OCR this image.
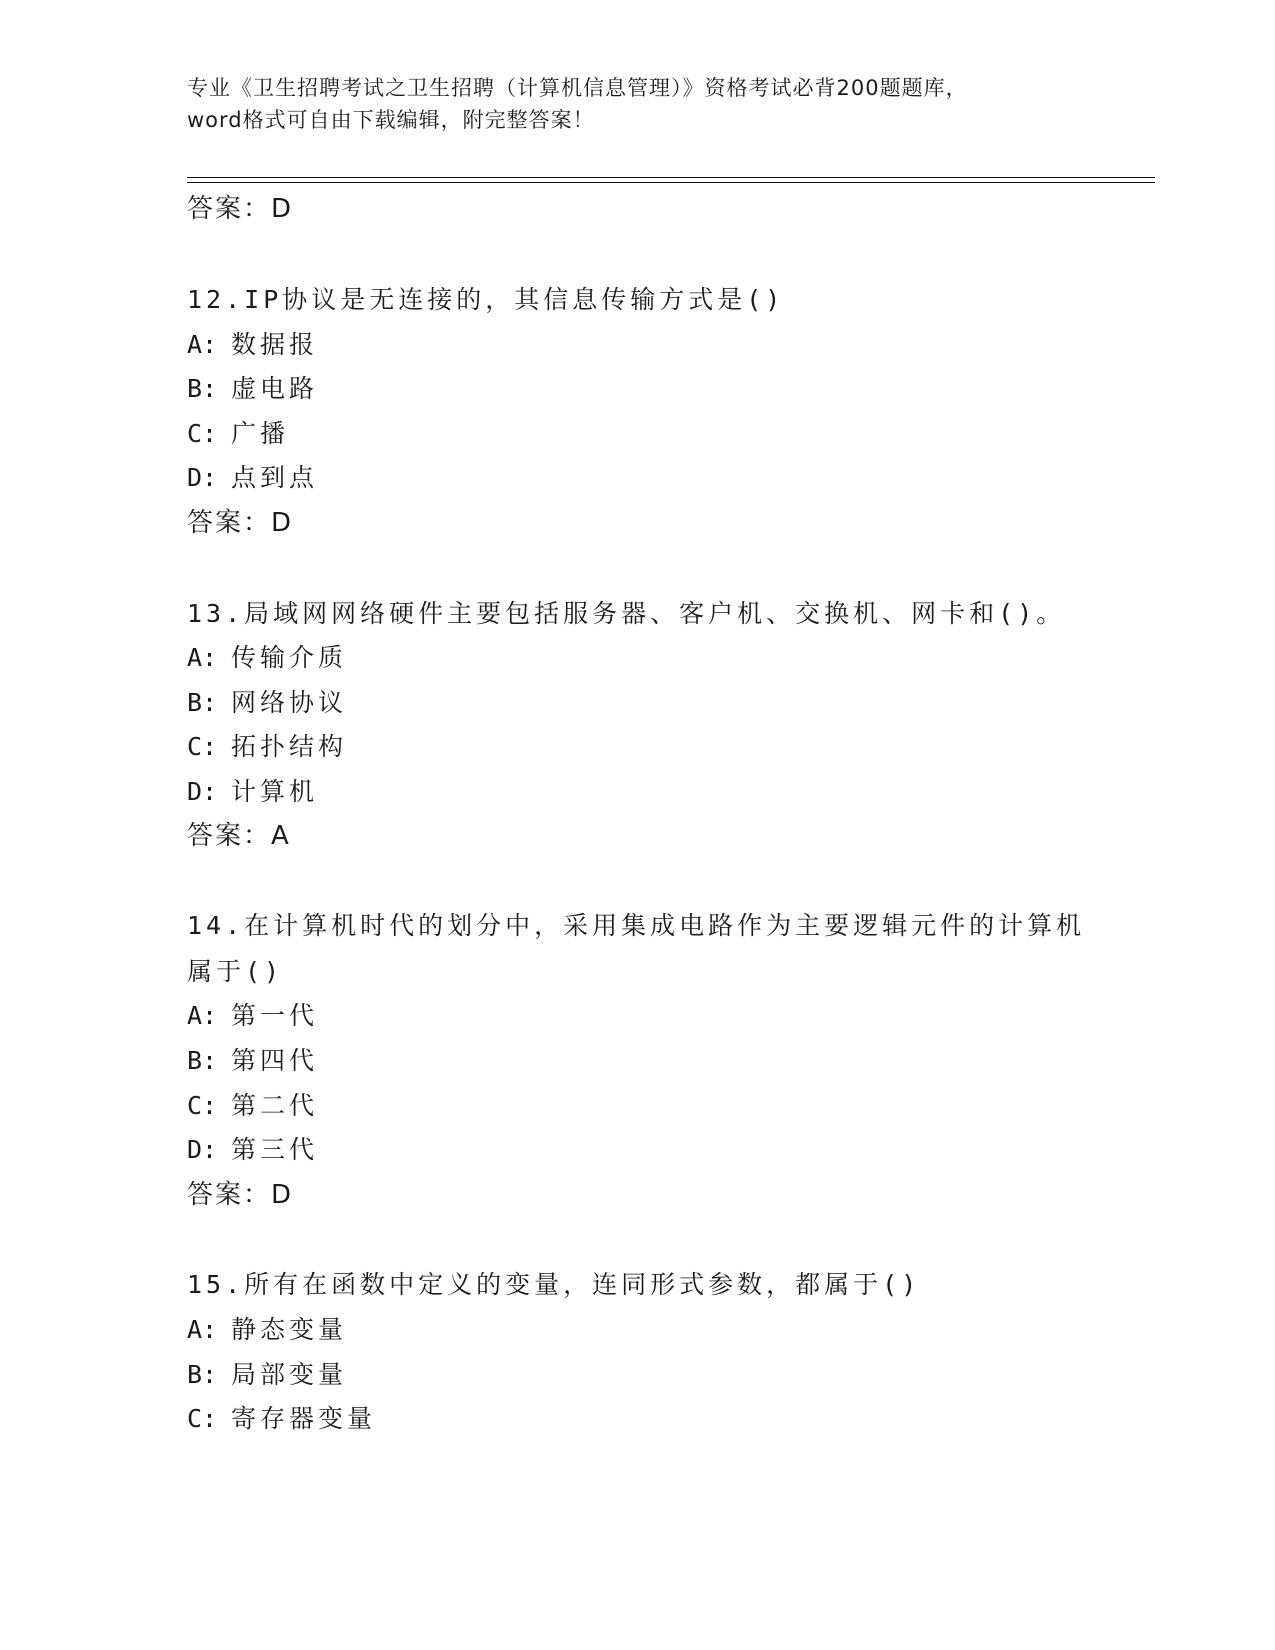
专业《卫生招聘考试之卫生招聘（计算机信息管理）》资格考试必背200题题库，
word格式可自由下载编辑，附完整答案！
答案：D
12.IP协议是无连接的，其信息传输方式是()
A: 数据报
B: 虚电路
C: 广播
D: 点到点
答案：D
13.局域网网络硬件主要包括服务器、客户机、交换机、网卡和()。
A: 传输介质
B: 网络协议
C: 拓扑结构
D: 计算机
答案：A
14.在计算机时代的划分中，采用集成电路作为主要逻辑元件的计算机
属于()
A: 第一代
B: 第四代
C: 第二代
D: 第三代
答案：D
15.所有在函数中定义的变量，连同形式参数，都属于()
A: 静态变量
B: 局部变量
C: 寄存器变量
